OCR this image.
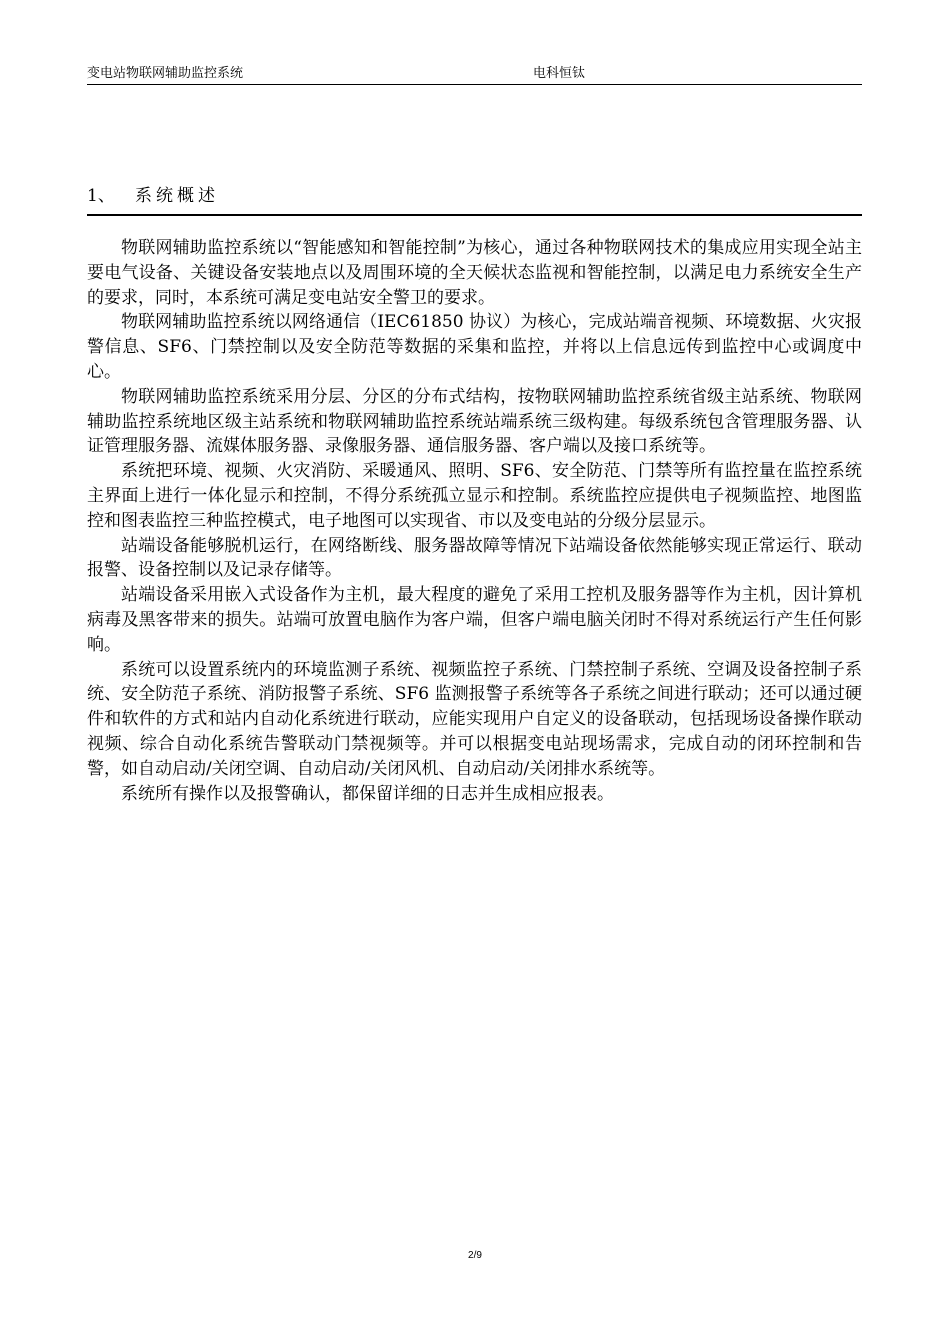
变电站物联网辅助监控系统	电科恒钛
1、 系统概述

物联网辅助监控系统以“智能感知和智能控制”为核心，通过各种物联网技术的集成应用实现全站主要电气设备、关键设备安装地点以及周围环境的全天候状态监视和智能控制，以满足电力系统安全生产的要求，同时，本系统可满足变电站安全警卫的要求。

物联网辅助监控系统以网络通信（IEC61850 协议）为核心，完成站端音视频、环境数据、火灾报警信息、SF6、门禁控制以及安全防范等数据的采集和监控，并将以上信息远传到监控中心或调度中心。

物联网辅助监控系统采用分层、分区的分布式结构，按物联网辅助监控系统省级主站系统、物联网辅助监控系统地区级主站系统和物联网辅助监控系统站端系统三级构建。每级系统包含管理服务器、认证管理服务器、流媒体服务器、录像服务器、通信服务器、客户端以及接口系统等。

系统把环境、视频、火灾消防、采暖通风、照明、SF6、安全防范、门禁等所有监控量在监控系统主界面上进行一体化显示和控制，不得分系统孤立显示和控制。系统监控应提供电子视频监控、地图监控和图表监控三种监控模式，电子地图可以实现省、市以及变电站的分级分层显示。

站端设备能够脱机运行，在网络断线、服务器故障等情况下站端设备依然能够实现正常运行、联动报警、设备控制以及记录存储等。

站端设备采用嵌入式设备作为主机，最大程度的避免了采用工控机及服务器等作为主机，因计算机病毒及黑客带来的损失。站端可放置电脑作为客户端，但客户端电脑关闭时不得对系统运行产生任何影响。

系统可以设置系统内的环境监测子系统、视频监控子系统、门禁控制子系统、空调及设备控制子系统、安全防范子系统、消防报警子系统、SF6 监测报警子系统等各子系统之间进行联动；还可以通过硬件和软件的方式和站内自动化系统进行联动，应能实现用户自定义的设备联动，包括现场设备操作联动视频、综合自动化系统告警联动门禁视频等。并可以根据变电站现场需求，完成自动的闭环控制和告警，如自动启动/关闭空调、自动启动/关闭风机、自动启动/关闭排水系统等。

系统所有操作以及报警确认，都保留详细的日志并生成相应报表。

2/9
